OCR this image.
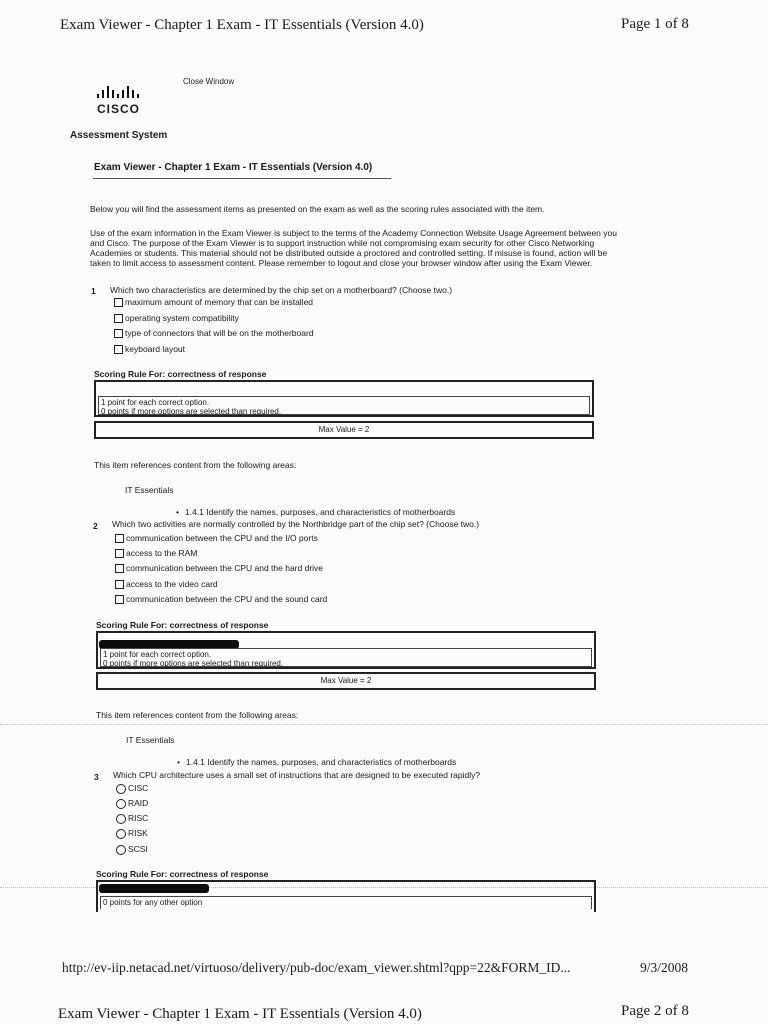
Exam Viewer - Chapter 1 Exam - IT Essentials (Version 4.0)	Page 1 of 8
Close Window
CISCO
Assessment System
Exam Viewer - Chapter 1 Exam - IT Essentials (Version 4.0)
Below you will find the assessment items as presented on the exam as well as the scoring rules associated with the item.
Use of the exam information in the Exam Viewer is subject to the terms of the Academy Connection Website Usage Agreement between you
and Cisco. The purpose of the Exam Viewer is to support instruction while not compromising exam security for other Cisco Networking
Academies or students. This material should not be distributed outside a proctored and controlled setting. If misuse is found, action will be
taken to limit access to assessment content. Please remember to logout and close your browser window after using the Exam Viewer.
1 Which two characteristics are determined by the chip set on a motherboard? (Choose two.)
maximum amount of memory that can be installed
operating system compatibility
type of connectors that will be on the motherboard
keyboard layout
Scoring Rule For: correctness of response
1 point for each correct option.
0 points if more options are selected than required.
Max Value = 2
This item references content from the following areas:
IT Essentials
• 1.4.1 Identify the names, purposes, and characteristics of motherboards
2 Which two activities are normally controlled by the Northbridge part of the chip set? (Choose two.)
communication between the CPU and the I/O ports
access to the RAM
communication between the CPU and the hard drive
access to the video card
communication between the CPU and the sound card
Scoring Rule For: correctness of response
1 point for each correct option.
0 points if more options are selected than required.
Max Value = 2
This item references content from the following areas:
IT Essentials
• 1.4.1 Identify the names, purposes, and characteristics of motherboards
3 Which CPU architecture uses a small set of instructions that are designed to be executed rapidly?
CISC
RAID
RISC
RISK
SCSI
Scoring Rule For: correctness of response
0 points for any other option
http://ev-iip.netacad.net/virtuoso/delivery/pub-doc/exam_viewer.shtml?qpp=22&FORM_ID...	9/3/2008
Exam Viewer - Chapter 1 Exam - IT Essentials (Version 4.0)	Page 2 of 8
